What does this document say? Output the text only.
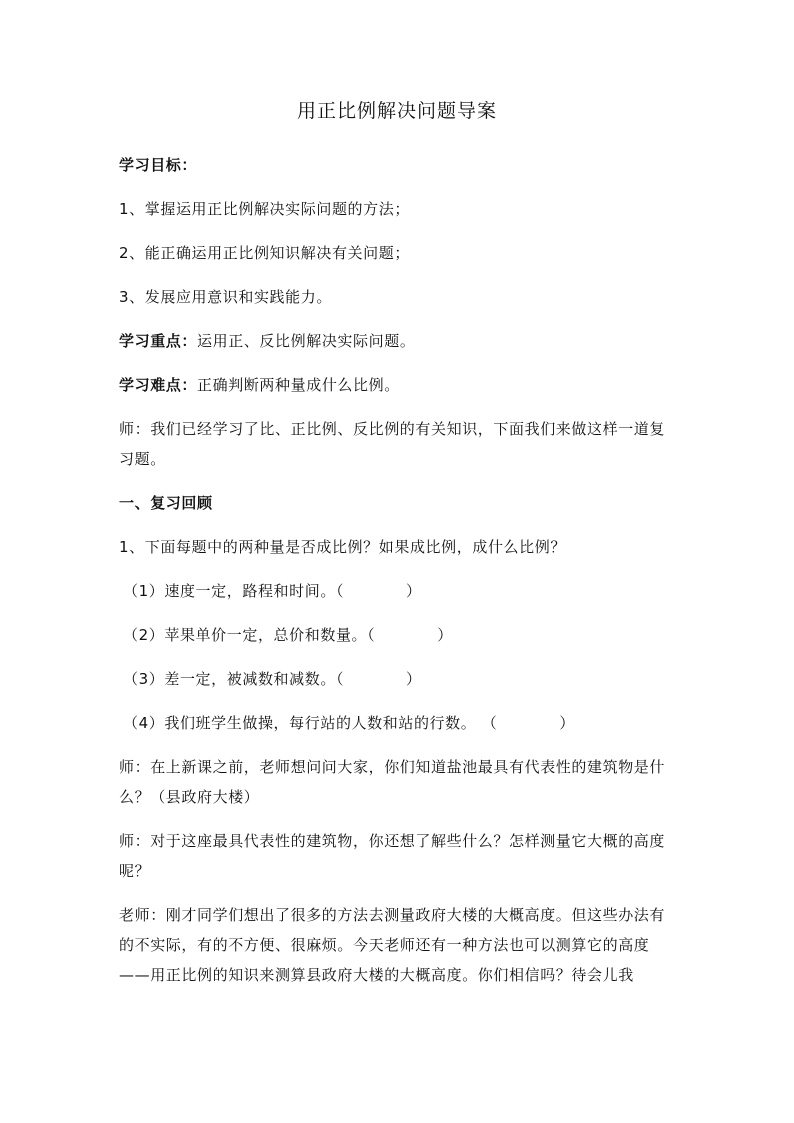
用正比例解决问题导案
学习目标：
1、掌握运用正比例解决实际问题的方法；
2、能正确运用正比例知识解决有关问题；
3、发展应用意识和实践能力。
学习重点：运用正、反比例解决实际问题。
学习难点：正确判断两种量成什么比例。
师：我们已经学习了比、正比例、反比例的有关知识，下面我们来做这样一道复习题。
一、复习回顾
1、下面每题中的两种量是否成比例？如果成比例，成什么比例？
（1）速度一定，路程和时间。（	）
（2）苹果单价一定，总价和数量。（	）
（3）差一定，被减数和减数。（	）
（4）我们班学生做操，每行站的人数和站的行数。 （	）
师：在上新课之前，老师想问问大家，你们知道盐池最具有代表性的建筑物是什么？（县政府大楼）
师：对于这座最具代表性的建筑物，你还想了解些什么？怎样测量它大概的高度呢？
老师：刚才同学们想出了很多的方法去测量政府大楼的大概高度。但这些办法有的不实际，有的不方便、很麻烦。今天老师还有一种方法也可以测算它的高度——用正比例的知识来测算县政府大楼的大概高度。你们相信吗？待会儿我
